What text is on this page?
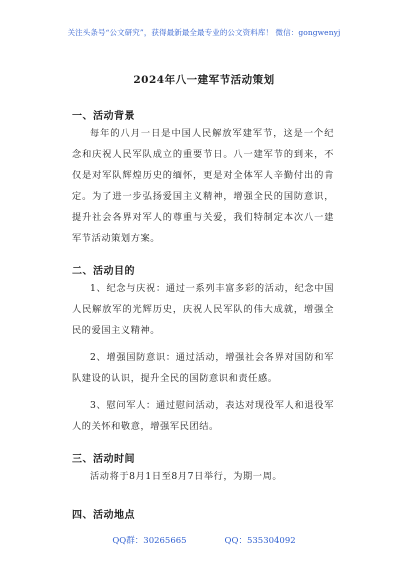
关注头条号“公文研究”，获得最新最全最专业的公文资料库！ 微信：gongwenyj
2024年八一建军节活动策划
一、活动背景
每年的八月一日是中国人民解放军建军节，这是一个纪念和庆祝人民军队成立的重要节日。八一建军节的到来，不仅是对军队辉煌历史的缅怀，更是对全体军人辛勤付出的肯定。为了进一步弘扬爱国主义精神，增强全民的国防意识，提升社会各界对军人的尊重与关爱，我们特制定本次八一建军节活动策划方案。
二、活动目的
1、纪念与庆祝：通过一系列丰富多彩的活动，纪念中国人民解放军的光辉历史，庆祝人民军队的伟大成就，增强全民的爱国主义精神。
2、增强国防意识：通过活动，增强社会各界对国防和军队建设的认识，提升全民的国防意识和责任感。
3、慰问军人：通过慰问活动，表达对现役军人和退役军人的关怀和敬意，增强军民团结。
三、活动时间
活动将于8月1日至8月7日举行，为期一周。
四、活动地点
QQ群：30265665	QQ：535304092
